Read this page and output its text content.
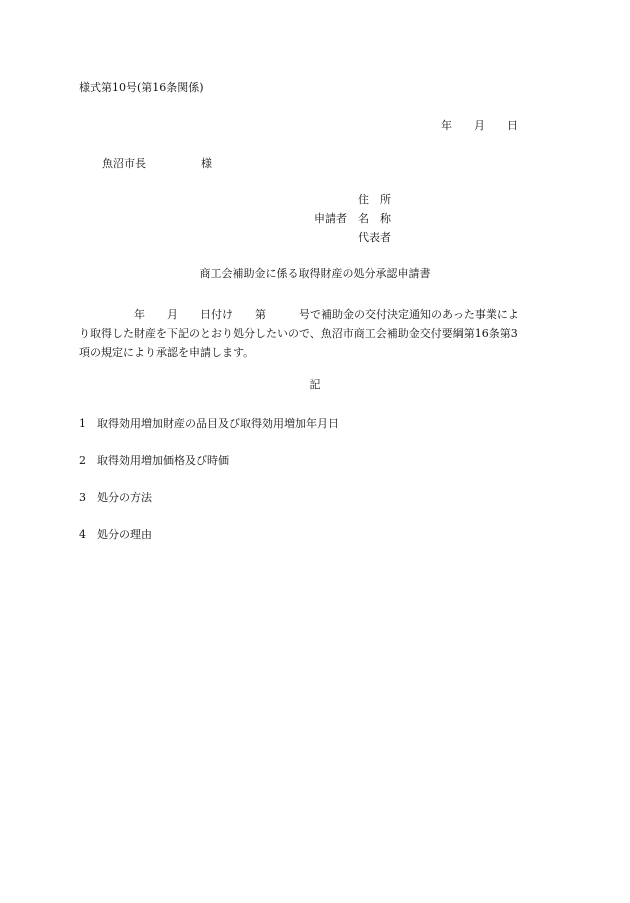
様式第10号(第16条関係)
年　　月　　日
魚沼市長　　　　　様
住　所
申請者	名　称
代表者
商工会補助金に係る取得財産の処分承認申請書
　　　　　年　　月　　日付け　　第　　　号で補助金の交付決定通知のあった事業によ
り取得した財産を下記のとおり処分したいので、魚沼市商工会補助金交付要綱第16条第3
項の規定により承認を申請します。
記
1 取得効用増加財産の品目及び取得効用増加年月日
2 取得効用増加価格及び時価
3 処分の方法
4 処分の理由
